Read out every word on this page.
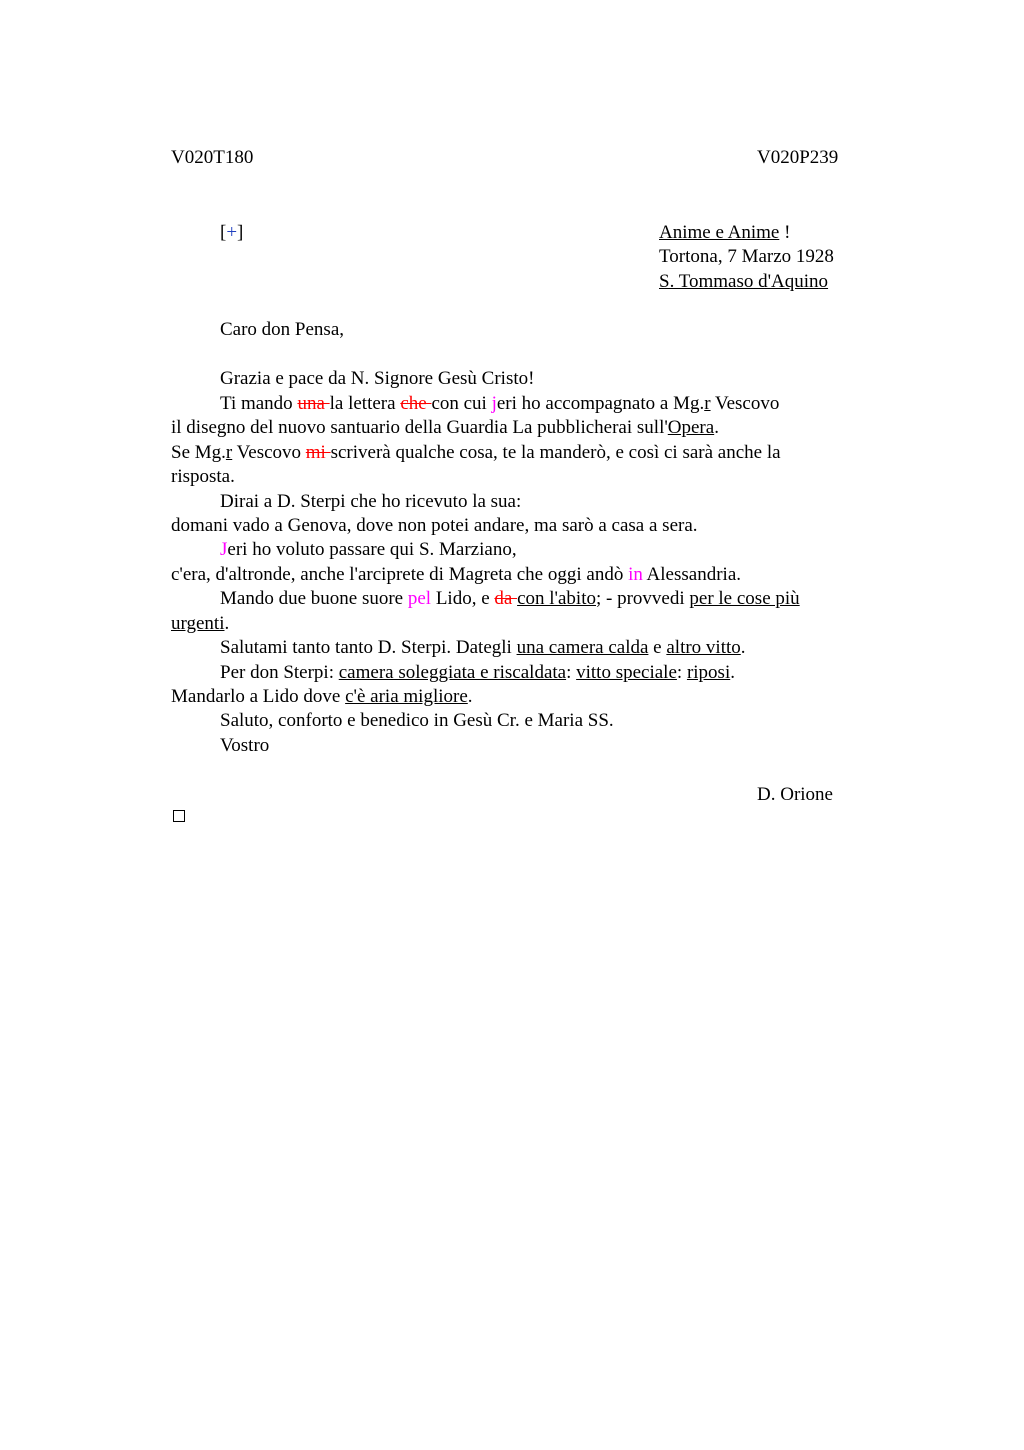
V020T180	V020P239
[+]	Anime e Anime !
Tortona, 7 Marzo 1928
S. Tommaso d'Aquino
Caro don Pensa,
Grazia e pace da N. Signore Gesù Cristo!
Ti mando una la lettera che con cui jeri ho accompagnato a Mg.r Vescovo
il disegno del nuovo santuario della Guardia La pubblicherai sull'Opera.
Se Mg.r Vescovo mi scriverà qualche cosa, te la manderò, e così ci sarà anche la
risposta.
Dirai a D. Sterpi che ho ricevuto la sua:
domani vado a Genova, dove non potei andare, ma sarò a casa a sera.
Jeri ho voluto passare qui S. Marziano,
c'era, d'altronde, anche l'arciprete di Magreta che oggi andò in Alessandria.
Mando due buone suore pel Lido, e da con l'abito; - provvedi per le cose più
urgenti.
Salutami tanto tanto D. Sterpi. Dategli una camera calda e altro vitto.
Per don Sterpi: camera soleggiata e riscaldata: vitto speciale: riposi.
Mandarlo a Lido dove c'è aria migliore.
Saluto, conforto e benedico in Gesù Cr. e Maria SS.
Vostro
D. Orione
